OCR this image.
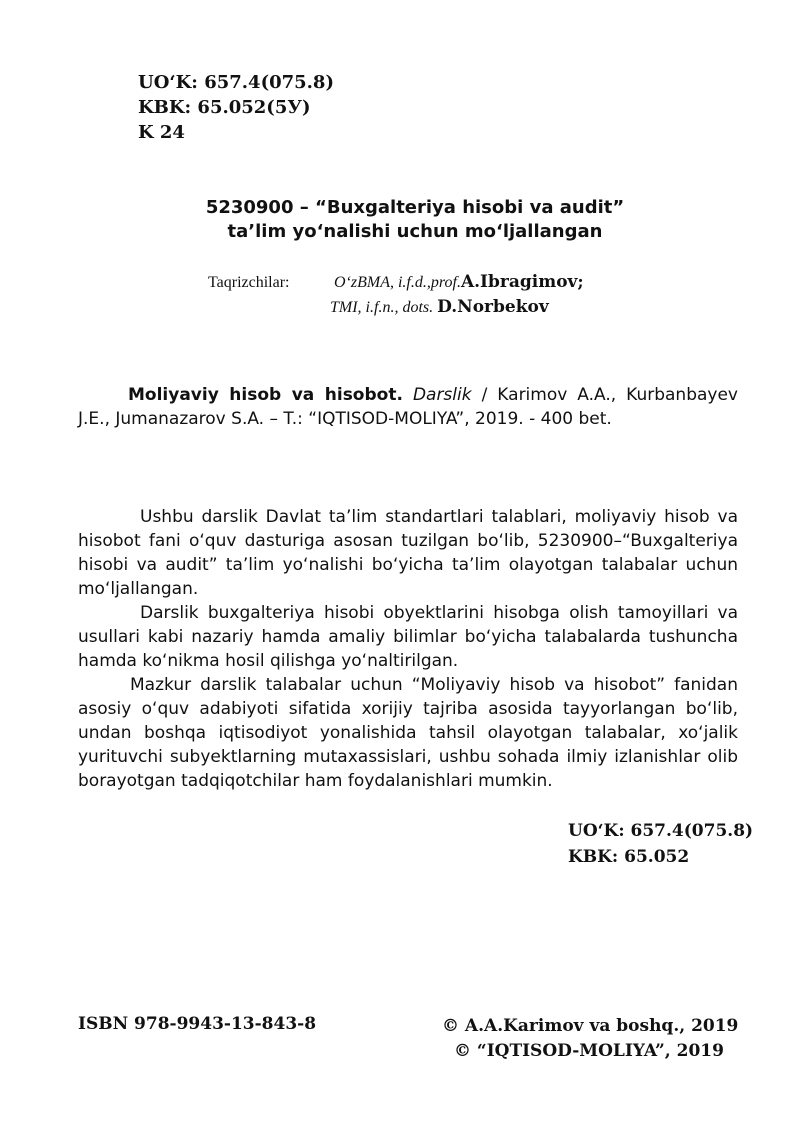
UO‘K: 657.4(075.8)
KBK: 65.052(5У)
K 24
5230900 – “Buxgalteriya hisobi va audit”
ta’lim yo‘nalishi uchun mo‘ljallangan
Taqrizchilar:	O‘zBMA, i.f.d.,prof.A.Ibragimov;
TMI, i.f.n., dots. D.Norbekov
Moliyaviy hisob va hisobot. Darslik / Karimov A.A., Kurbanbayev J.E., Jumanazarov S.A. – T.: “IQTISOD-MOLIYA”, 2019. - 400 bet.

Ushbu darslik Davlat ta’lim standartlari talablari, moliyaviy hisob va hisobot fani o‘quv dasturiga asosan tuzilgan bo‘lib, 5230900–“Buxgalteriya hisobi va audit” ta’lim yo‘nalishi bo‘yicha ta’lim olayotgan talabalar uchun mo‘ljallangan.

Darslik buxgalteriya hisobi obyektlarini hisobga olish tamoyillari va usullari kabi nazariy hamda amaliy bilimlar bo‘yicha talabalarda tushuncha hamda ko‘nikma hosil qilishga yo‘naltirilgan.

Mazkur darslik talabalar uchun “Moliyaviy hisob va hisobot” fanidan asosiy o‘quv adabiyoti sifatida xorijiy tajriba asosida tayyorlangan bo‘lib, undan boshqa iqtisodiyot yonalishida tahsil olayotgan talabalar, xo‘jalik yurituvchi subyektlarning mutaxassislari, ushbu sohada ilmiy izlanishlar olib borayotgan tadqiqotchilar ham foydalanishlari mumkin.

UO‘K: 657.4(075.8)
KBK: 65.052
ISBN 978-9943-13-843-8	© A.A.Karimov va boshq., 2019
© “IQTISOD-MOLIYA”, 2019
